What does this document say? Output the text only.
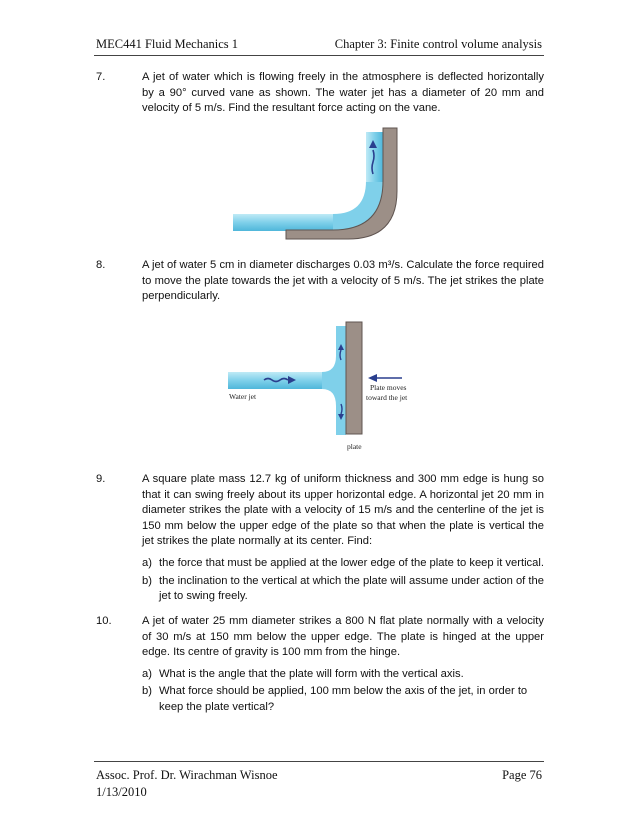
MEC441 Fluid Mechanics 1	Chapter 3: Finite control volume analysis
7.	A jet of water which is flowing freely in the atmosphere is deflected horizontally by a 90° curved vane as shown. The water jet has a diameter of 20 mm and velocity of 5 m/s. Find the resultant force acting on the vane.
8.	A jet of water 5 cm in diameter discharges 0.03 m³/s. Calculate the force required to move the plate towards the jet with a velocity of 5 m/s. The jet strikes the plate perpendicularly.
Water jet
Plate moves
toward the jet
plate
9.	A square plate mass 12.7 kg of uniform thickness and 300 mm edge is hung so that it can swing freely about its upper horizontal edge. A horizontal jet 20 mm in diameter strikes the plate with a velocity of 15 m/s and the centerline of the jet is 150 mm below the upper edge of the plate so that when the plate is vertical the jet strikes the plate normally at its center. Find:
a) the force that must be applied at the lower edge of the plate to keep it vertical.
b) the inclination to the vertical at which the plate will assume under action of the jet to swing freely.
10.	A jet of water 25 mm diameter strikes a 800 N flat plate normally with a velocity of 30 m/s at 150 mm below the upper edge. The plate is hinged at the upper edge. Its centre of gravity is 100 mm from the hinge.
a) What is the angle that the plate will form with the vertical axis.
b) What force should be applied, 100 mm below the axis of the jet, in order to keep the plate vertical?
Assoc. Prof. Dr. Wirachman Wisnoe
1/13/2010
Page 76
